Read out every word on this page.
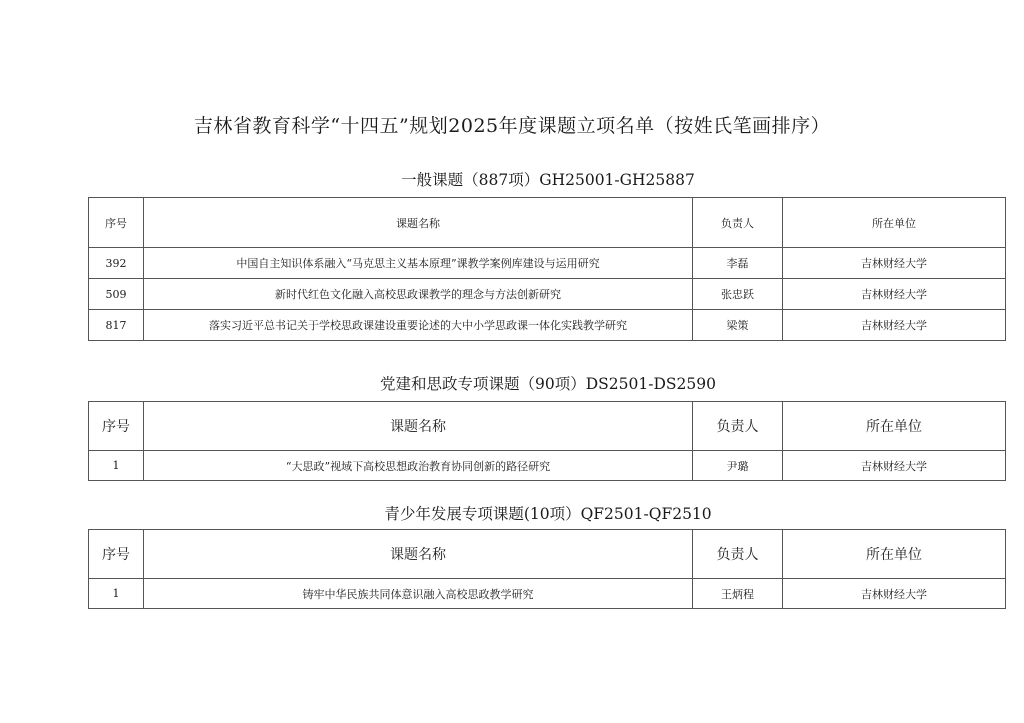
吉林省教育科学“十四五”规划2025年度课题立项名单（按姓氏笔画排序）
一般课题（887项）GH25001-GH25887
序号	课题名称	负责人	所在单位
392	中国自主知识体系融入“马克思主义基本原理”课教学案例库建设与运用研究	李磊	吉林财经大学
509	新时代红色文化融入高校思政课教学的理念与方法创新研究	张忠跃	吉林财经大学
817	落实习近平总书记关于学校思政课建设重要论述的大中小学思政课一体化实践教学研究	梁策	吉林财经大学
党建和思政专项课题（90项）DS2501-DS2590
序号	课题名称	负责人	所在单位
1	“大思政”视域下高校思想政治教育协同创新的路径研究	尹璐	吉林财经大学
青少年发展专项课题(10项）QF2501-QF2510
序号	课题名称	负责人	所在单位
1	铸牢中华民族共同体意识融入高校思政教学研究	王炳程	吉林财经大学
